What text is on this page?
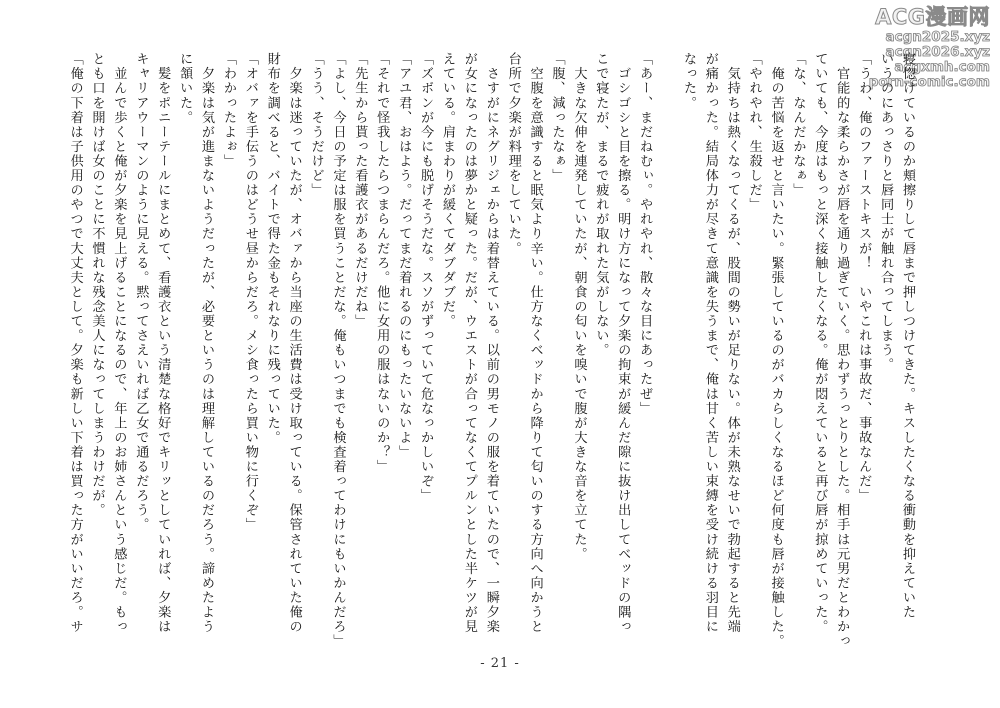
ACG漫画网
acgn2025.xyz
acgn2026.xyz
acgxmh.com
porn-comic.com
寝惚けているのか頬擦りして唇まで押しつけてきた。キスしたくなる衝動を抑えていた
いうのにあっさりと唇同士が触れ合ってしまう。
「うわ、俺のファーストキスが！　いやこれは事故だ、事故なんだ」
　官能的な柔らかさが唇を通り過ぎていく。思わずうっとりとした。相手は元男だとわかっ
ていても、今度はもっと深く接触したくなる。俺が悶えていると再び唇が掠めていった。
「な、なんだかなぁ」
　俺の苦悩を返せと言いたい。緊張しているのがバカらしくなるほど何度も唇が接触した。
「やれやれ、生殺しだ」
　気持ちは熱くなってくるが、股間の勢いが足りない。体が未熟なせいで勃起すると先端
が痛かった。結局体力が尽きて意識を失うまで、俺は甘く苦しい束縛を受け続ける羽目に
なった。
「あー、まだねむぃ。やれやれ、散々な目にあったぜ」
　ゴシゴシと目を擦る。明け方になって夕楽の拘束が緩んだ隙に抜け出してベッドの隅っ
こで寝たが、まるで疲れが取れた気がしない。
　大きな欠伸を連発していたが、朝食の匂いを嗅いで腹が大きな音を立てた。
「腹、減ったなぁ」
　空腹を意識すると眠気より辛い。仕方なくベッドから降りて匂いのする方向へ向かうと
台所で夕楽が料理をしていた。
　さすがにネグリジェからは着替えている。以前の男モノの服を着ていたので、一瞬夕楽
が女になったのは夢かと疑った。だが、ウエストが合ってなくてプルンとした半ケツが見
えている。肩まわりが緩くてダブダブだ。
「ズボンが今にも脱げそうだな。スソがずっていて危なっかしいぞ」
「アユ君、おはよう。だってまだ着れるのにもったいないよ」
「それで怪我したらつまらんだろ。他に女用の服はないのか？」
「先生から貰った看護衣があるだけだね」
「よし、今日の予定は服を買うことだな。俺もいつまでも検査着ってわけにもいかんだろ」
「うう、そうだけど」
　夕楽は迷っていたが、オバァから当座の生活費は受け取っている。保管されていた俺の
財布を調べると、バイトで得た金もそれなりに残っていた。
「オバァを手伝うのはどうせ昼からだろ。メシ食ったら買い物に行くぞ」
「わかったよぉ」
　夕楽は気が進まないようだったが、必要というのは理解しているのだろう。諦めたよう
に頷いた。
　髪をポニーテールにまとめて、看護衣という清楚な格好でキリッとしていれば、夕楽は
キャリアウーマンのように見える。黙ってさえいれば乙女で通るだろう。
　並んで歩くと俺が夕楽を見上げることになるので、年上のお姉さんという感じだ。もっ
とも口を開けば女のことに不慣れな残念美人になってしまうわけだが。
「俺の下着は子供用のやつで大丈夫として。夕楽も新しい下着は買った方がいいだろ。サ
- 21 -
